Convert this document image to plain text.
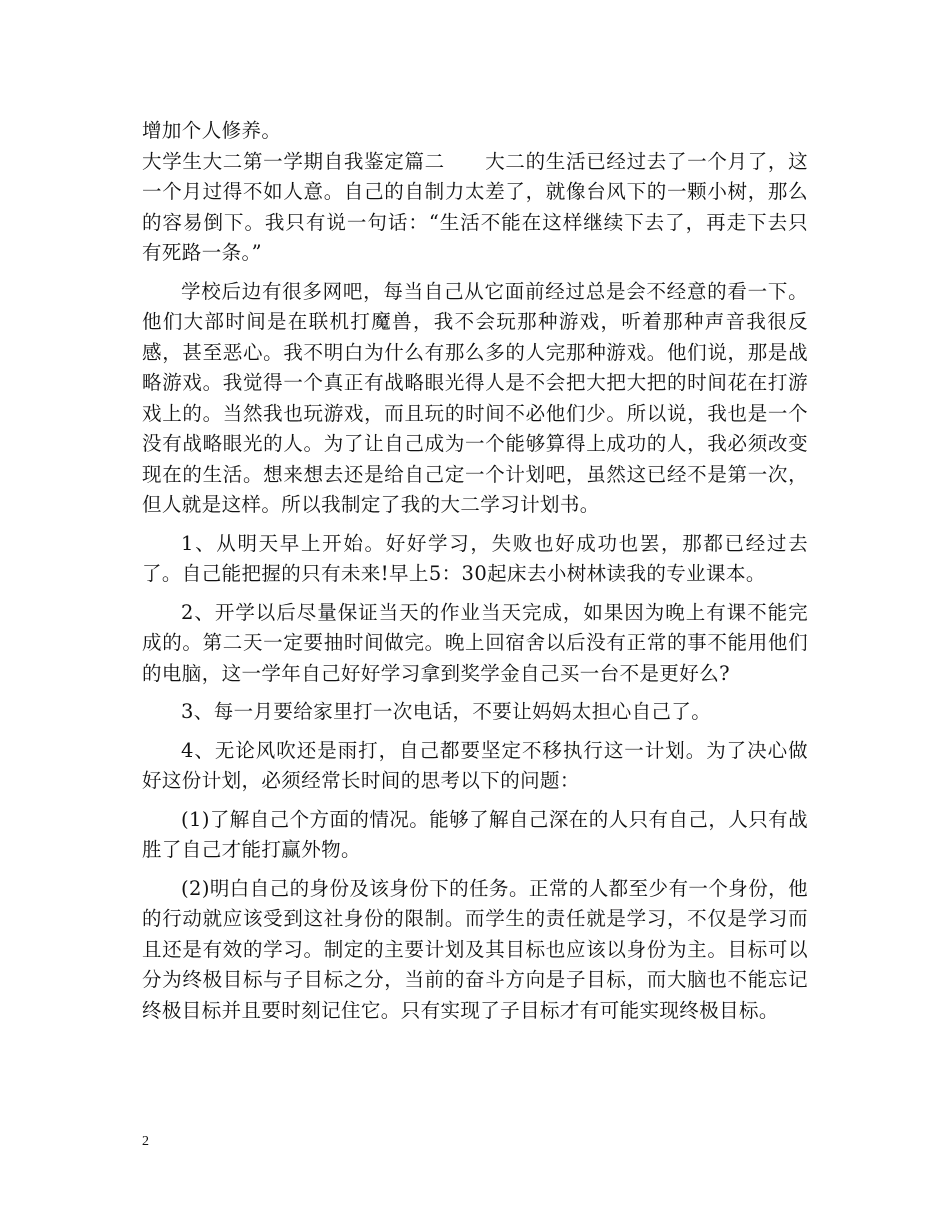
增加个人修养。

大学生大二第一学期自我鉴定篇二　　大二的生活已经过去了一个月了，这一个月过得不如人意。自己的自制力太差了，就像台风下的一颗小树，那么的容易倒下。我只有说一句话：“生活不能在这样继续下去了，再走下去只有死路一条。”

学校后边有很多网吧，每当自己从它面前经过总是会不经意的看一下。他们大部时间是在联机打魔兽，我不会玩那种游戏，听着那种声音我很反感，甚至恶心。我不明白为什么有那么多的人完那种游戏。他们说，那是战略游戏。我觉得一个真正有战略眼光得人是不会把大把大把的时间花在打游戏上的。当然我也玩游戏，而且玩的时间不必他们少。所以说，我也是一个没有战略眼光的人。为了让自己成为一个能够算得上成功的人，我必须改变现在的生活。想来想去还是给自己定一个计划吧，虽然这已经不是第一次，但人就是这样。所以我制定了我的大二学习计划书。

1、从明天早上开始。好好学习，失败也好成功也罢，那都已经过去了。自己能把握的只有未来!早上5：30起床去小树林读我的专业课本。

2、开学以后尽量保证当天的作业当天完成，如果因为晚上有课不能完成的。第二天一定要抽时间做完。晚上回宿舍以后没有正常的事不能用他们的电脑，这一学年自己好好学习拿到奖学金自己买一台不是更好么?

3、每一月要给家里打一次电话，不要让妈妈太担心自己了。

4、无论风吹还是雨打，自己都要坚定不移执行这一计划。为了决心做好这份计划，必须经常长时间的思考以下的问题：

(1)了解自己个方面的情况。能够了解自己深在的人只有自己，人只有战胜了自己才能打赢外物。

(2)明白自己的身份及该身份下的任务。正常的人都至少有一个身份，他的行动就应该受到这社身份的限制。而学生的责任就是学习，不仅是学习而且还是有效的学习。制定的主要计划及其目标也应该以身份为主。目标可以分为终极目标与子目标之分，当前的奋斗方向是子目标，而大脑也不能忘记终极目标并且要时刻记住它。只有实现了子目标才有可能实现终极目标。

2
